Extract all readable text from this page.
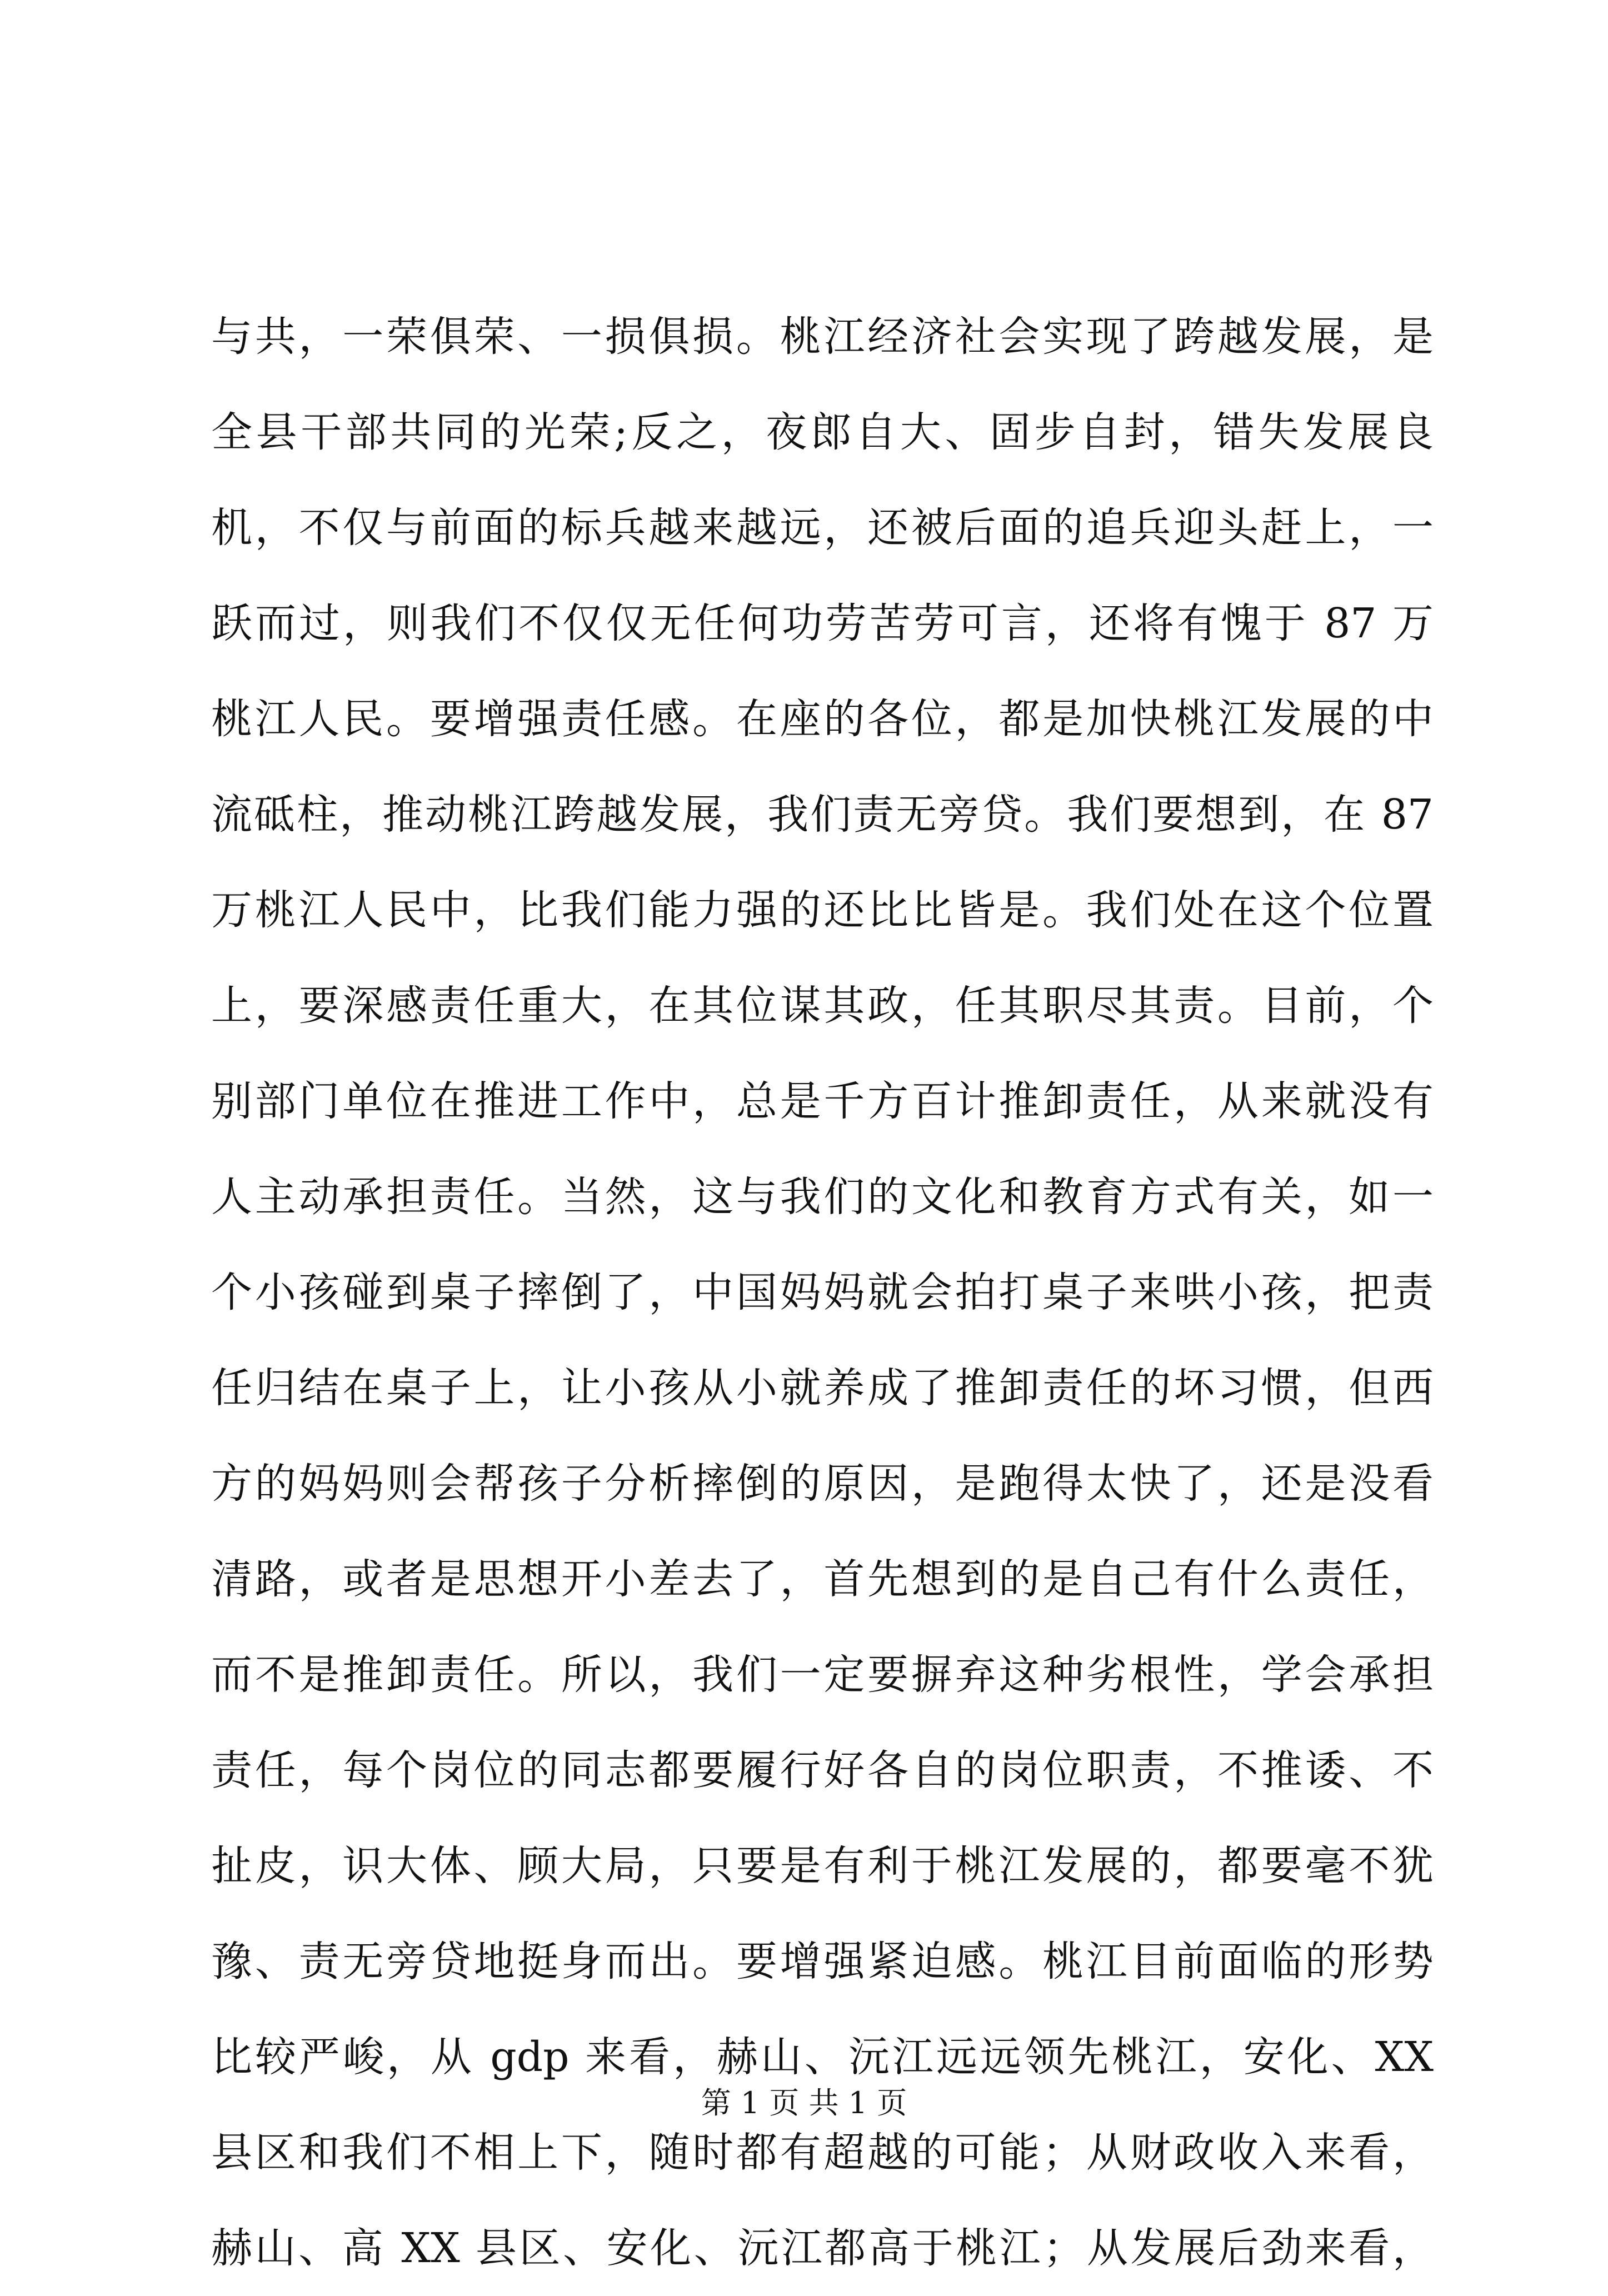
与共，一荣俱荣、一损俱损。桃江经济社会实现了跨越发展，是
全县干部共同的光荣;反之，夜郎自大、固步自封，错失发展良
机，不仅与前面的标兵越来越远，还被后面的追兵迎头赶上，一
跃而过，则我们不仅仅无任何功劳苦劳可言，还将有愧于 87 万
桃江人民。要增强责任感。在座的各位，都是加快桃江发展的中
流砥柱，推动桃江跨越发展，我们责无旁贷。我们要想到，在 87
万桃江人民中，比我们能力强的还比比皆是。我们处在这个位置
上，要深感责任重大，在其位谋其政，任其职尽其责。目前，个
别部门单位在推进工作中，总是千方百计推卸责任，从来就没有
人主动承担责任。当然，这与我们的文化和教育方式有关，如一
个小孩碰到桌子摔倒了，中国妈妈就会拍打桌子来哄小孩，把责
任归结在桌子上，让小孩从小就养成了推卸责任的坏习惯，但西
方的妈妈则会帮孩子分析摔倒的原因，是跑得太快了，还是没看
清路，或者是思想开小差去了，首先想到的是自己有什么责任，
而不是推卸责任。所以，我们一定要摒弃这种劣根性，学会承担
责任，每个岗位的同志都要履行好各自的岗位职责，不推诿、不
扯皮，识大体、顾大局，只要是有利于桃江发展的，都要毫不犹
豫、责无旁贷地挺身而出。要增强紧迫感。桃江目前面临的形势
比较严峻，从 gdp 来看，赫山、沅江远远领先桃江，安化、XX
县区和我们不相上下，随时都有超越的可能；从财政收入来看，
赫山、高 XX 县区、安化、沅江都高于桃江；从发展后劲来看，
第 1 页 共 1 页
